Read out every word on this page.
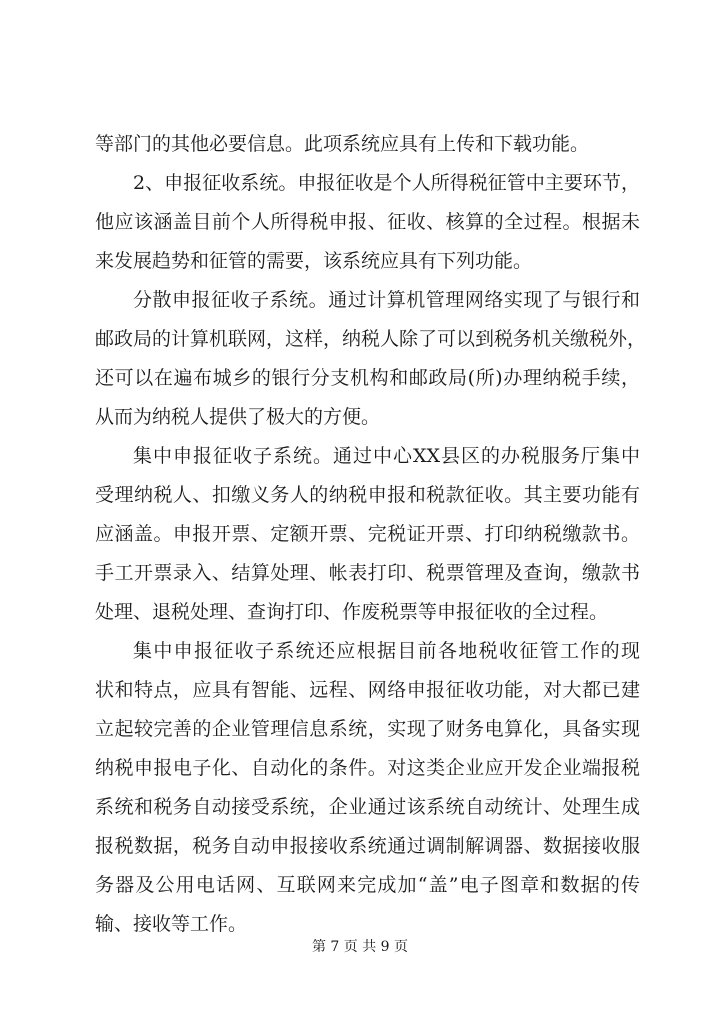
等部门的其他必要信息。此项系统应具有上传和下载功能。
2、申报征收系统。申报征收是个人所得税征管中主要环节，
他应该涵盖目前个人所得税申报、征收、核算的全过程。根据未
来发展趋势和征管的需要，该系统应具有下列功能。
分散申报征收子系统。通过计算机管理网络实现了与银行和
邮政局的计算机联网，这样，纳税人除了可以到税务机关缴税外，
还可以在遍布城乡的银行分支机构和邮政局(所)办理纳税手续，
从而为纳税人提供了极大的方便。
集中申报征收子系统。通过中心XX县区的办税服务厅集中
受理纳税人、扣缴义务人的纳税申报和税款征收。其主要功能有
应涵盖。申报开票、定额开票、完税证开票、打印纳税缴款书。
手工开票录入、结算处理、帐表打印、税票管理及查询，缴款书
处理、退税处理、查询打印、作废税票等申报征收的全过程。
集中申报征收子系统还应根据目前各地税收征管工作的现
状和特点，应具有智能、远程、网络申报征收功能，对大都已建
立起较完善的企业管理信息系统，实现了财务电算化，具备实现
纳税申报电子化、自动化的条件。对这类企业应开发企业端报税
系统和税务自动接受系统，企业通过该系统自动统计、处理生成
报税数据，税务自动申报接收系统通过调制解调器、数据接收服
务器及公用电话网、互联网来完成加“盖”电子图章和数据的传
输、接收等工作。
第 7 页 共 9 页
